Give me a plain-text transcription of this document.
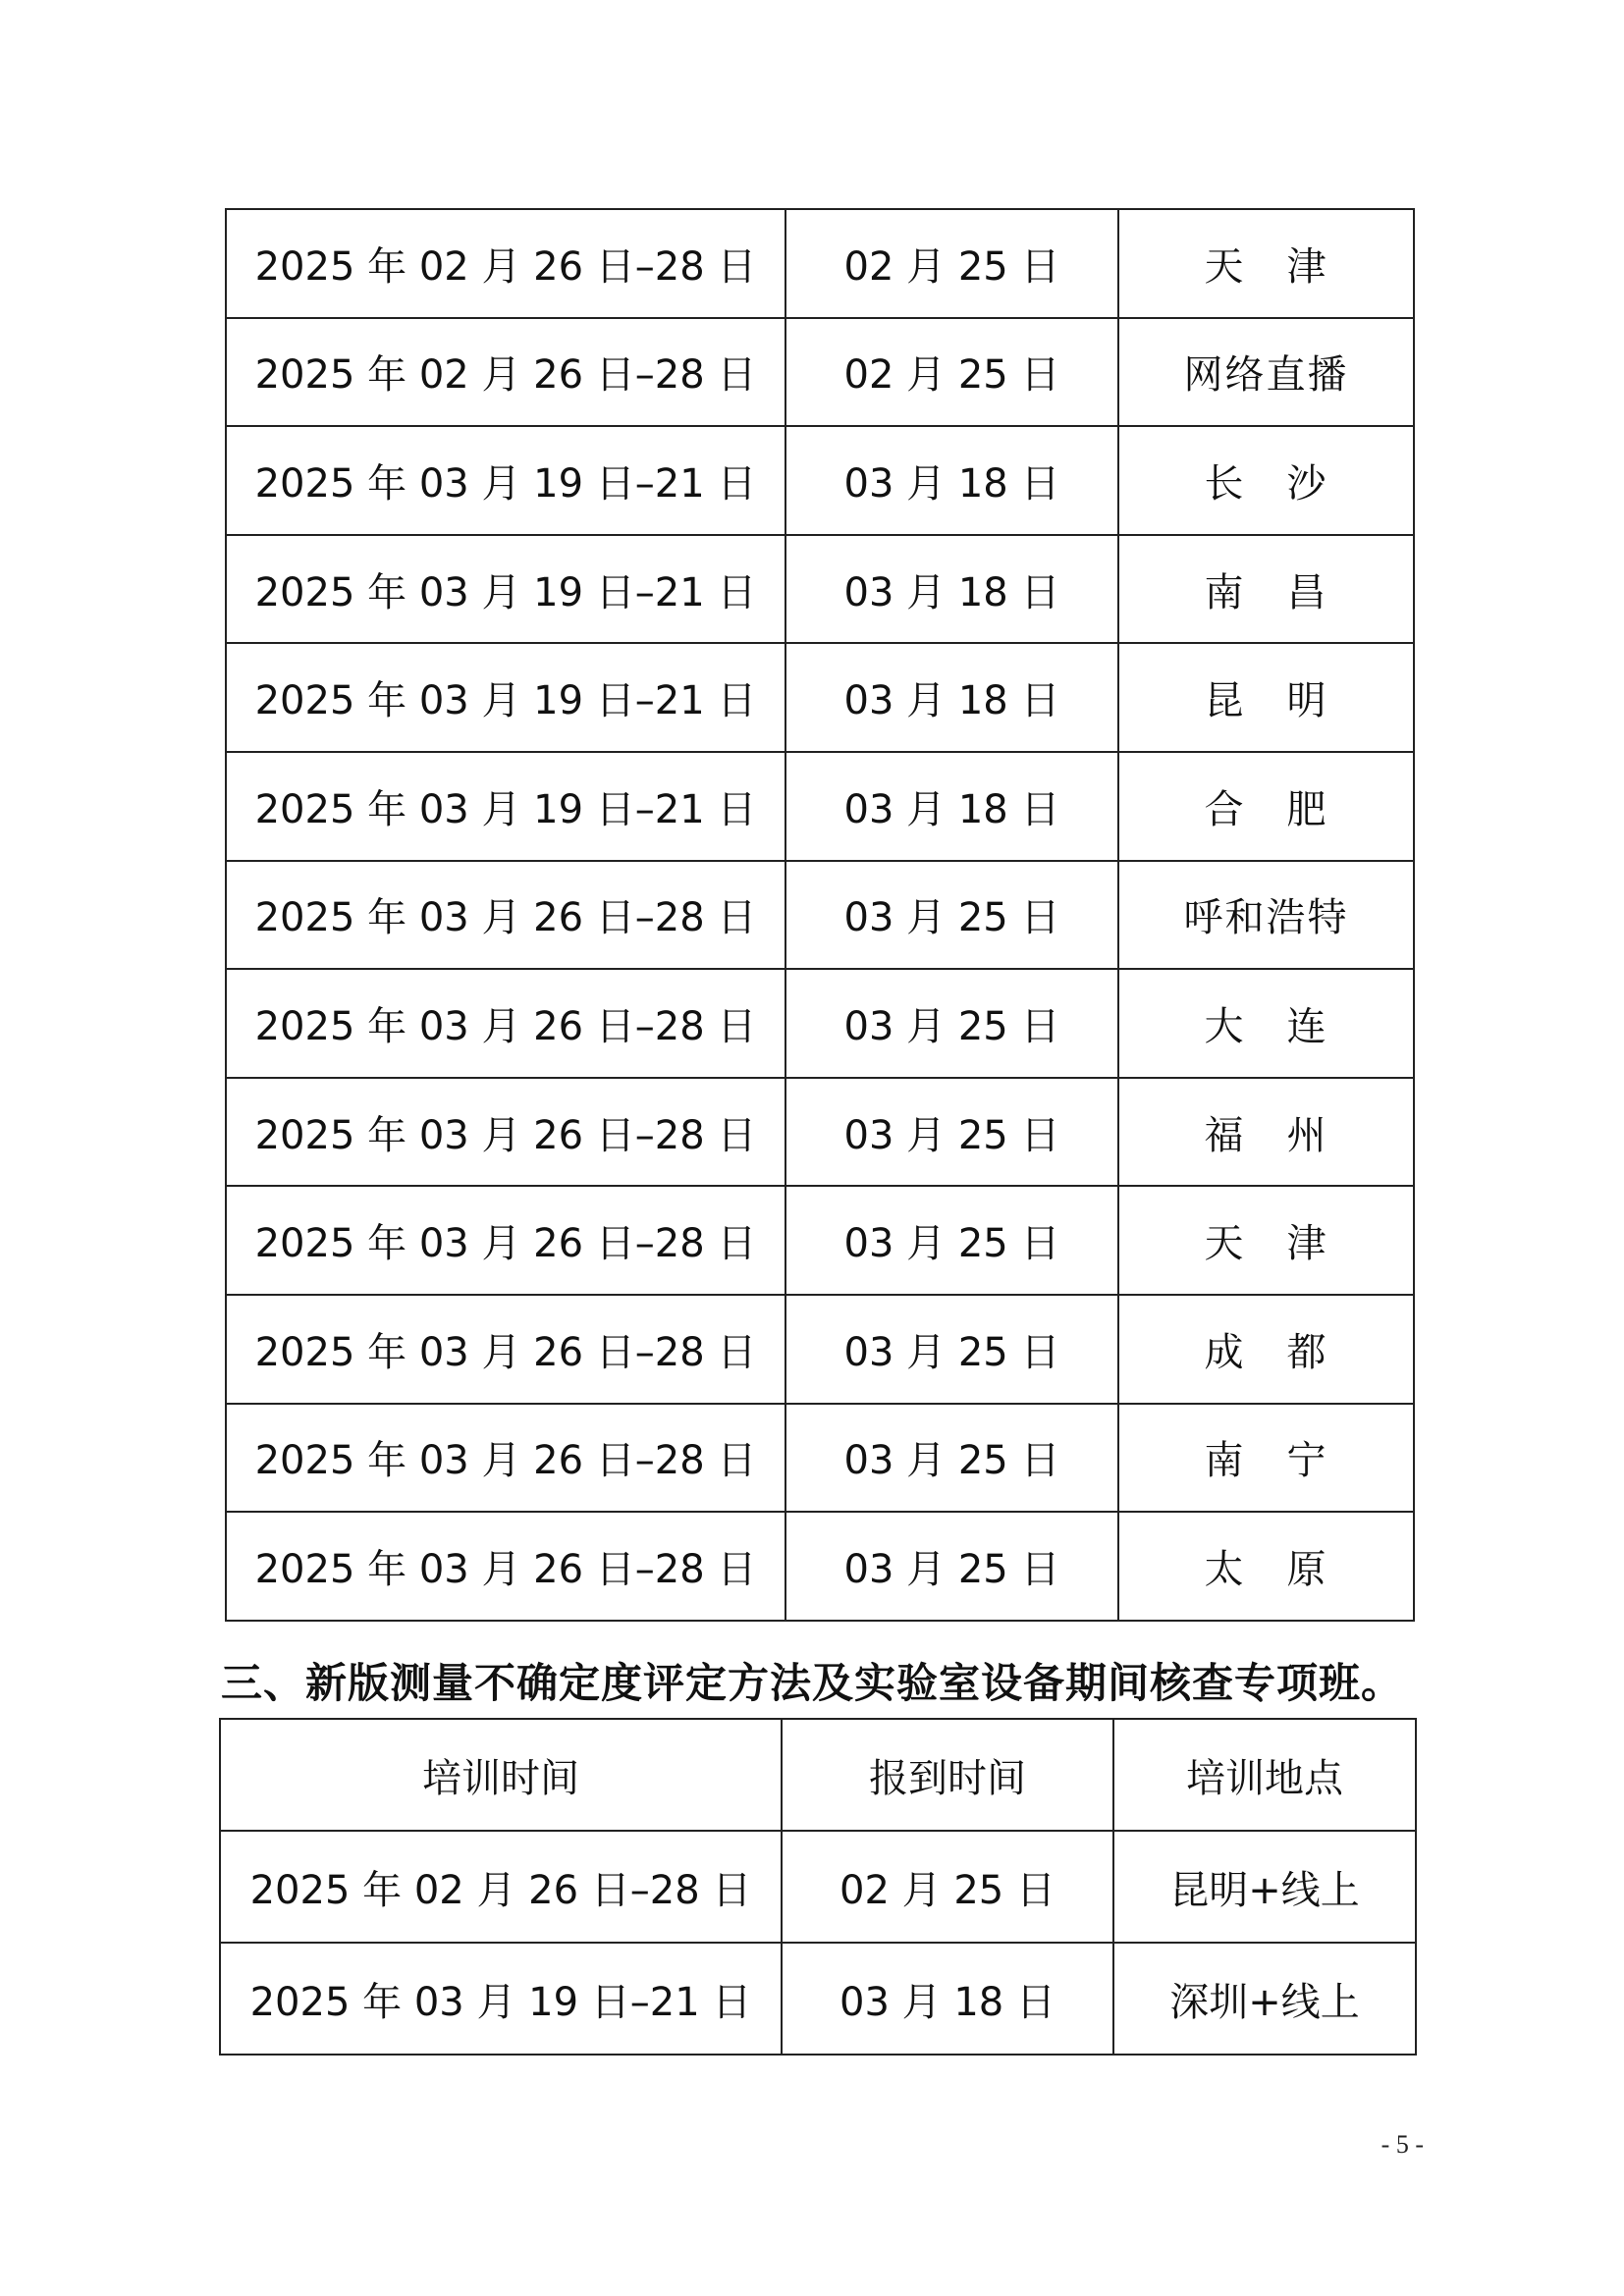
2025 年 02 月 26 日–28 日	02 月 25 日	天　津
2025 年 02 月 26 日–28 日	02 月 25 日	网络直播
2025 年 03 月 19 日–21 日	03 月 18 日	长　沙
2025 年 03 月 19 日–21 日	03 月 18 日	南　昌
2025 年 03 月 19 日–21 日	03 月 18 日	昆　明
2025 年 03 月 19 日–21 日	03 月 18 日	合　肥
2025 年 03 月 26 日–28 日	03 月 25 日	呼和浩特
2025 年 03 月 26 日–28 日	03 月 25 日	大　连
2025 年 03 月 26 日–28 日	03 月 25 日	福　州
2025 年 03 月 26 日–28 日	03 月 25 日	天　津
2025 年 03 月 26 日–28 日	03 月 25 日	成　都
2025 年 03 月 26 日–28 日	03 月 25 日	南　宁
2025 年 03 月 26 日–28 日	03 月 25 日	太　原
三、新版测量不确定度评定方法及实验室设备期间核查专项班。
培训时间	报到时间	培训地点
2025 年 02 月 26 日–28 日	02 月 25 日	昆明+线上
2025 年 03 月 19 日–21 日	03 月 18 日	深圳+线上
- 5 -
